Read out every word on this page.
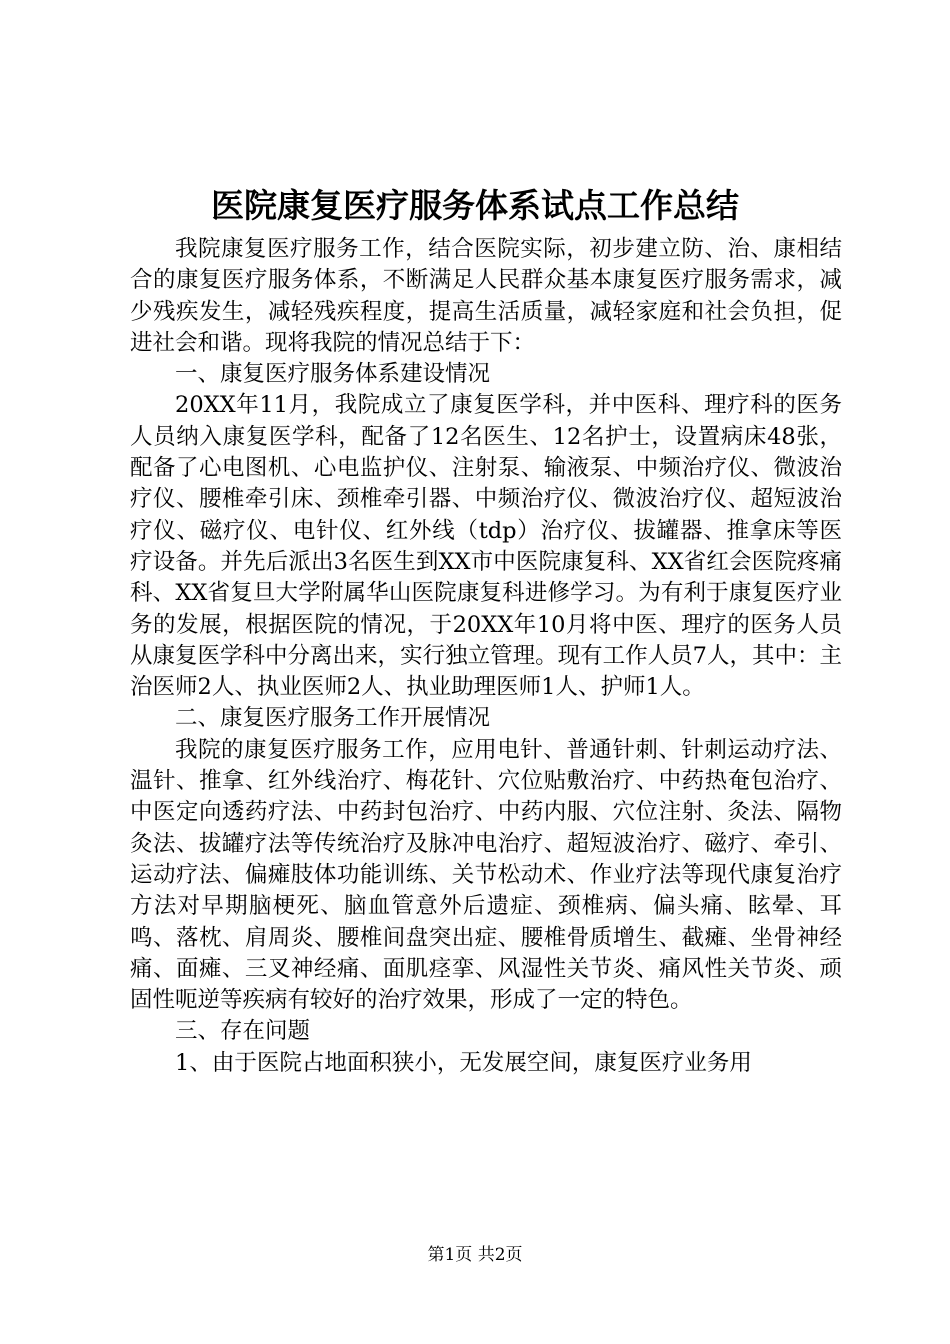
医院康复医疗服务体系试点工作总结

我院康复医疗服务工作，结合医院实际，初步建立防、治、康相结合的康复医疗服务体系，不断满足人民群众基本康复医疗服务需求，减少残疾发生，减轻残疾程度，提高生活质量，减轻家庭和社会负担，促进社会和谐。现将我院的情况总结于下：

一、康复医疗服务体系建设情况

20XX年11月，我院成立了康复医学科，并中医科、理疗科的医务人员纳入康复医学科，配备了12名医生、12名护士，设置病床48张，配备了心电图机、心电监护仪、注射泵、输液泵、中频治疗仪、微波治疗仪、腰椎牵引床、颈椎牵引器、中频治疗仪、微波治疗仪、超短波治疗仪、磁疗仪、电针仪、红外线（tdp）治疗仪、拔罐器、推拿床等医疗设备。并先后派出3名医生到XX市中医院康复科、XX省红会医院疼痛科、XX省复旦大学附属华山医院康复科进修学习。为有利于康复医疗业务的发展，根据医院的情况，于20XX年10月将中医、理疗的医务人员从康复医学科中分离出来，实行独立管理。现有工作人员7人，其中：主治医师2人、执业医师2人、执业助理医师1人、护师1人。

二、康复医疗服务工作开展情况

我院的康复医疗服务工作，应用电针、普通针刺、针刺运动疗法、温针、推拿、红外线治疗、梅花针、穴位贴敷治疗、中药热奄包治疗、中医定向透药疗法、中药封包治疗、中药内服、穴位注射、灸法、隔物灸法、拔罐疗法等传统治疗及脉冲电治疗、超短波治疗、磁疗、牵引、运动疗法、偏瘫肢体功能训练、关节松动术、作业疗法等现代康复治疗方法对早期脑梗死、脑血管意外后遗症、颈椎病、偏头痛、眩晕、耳鸣、落枕、肩周炎、腰椎间盘突出症、腰椎骨质增生、截瘫、坐骨神经痛、面瘫、三叉神经痛、面肌痉挛、风湿性关节炎、痛风性关节炎、顽固性呃逆等疾病有较好的治疗效果，形成了一定的特色。

三、存在问题

1、由于医院占地面积狭小，无发展空间，康复医疗业务用

第1页 共2页
